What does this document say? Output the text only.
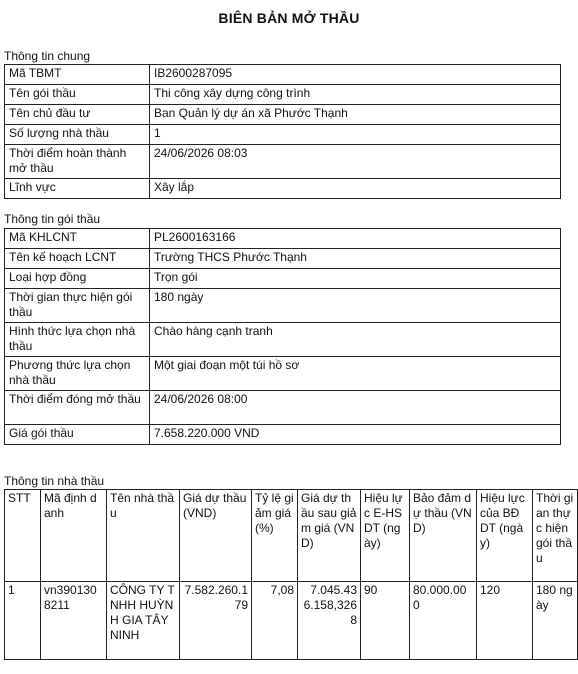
BIÊN BẢN MỞ THẦU
Thông tin chung
Mã TBMT	IB2600287095
Tên gói thầu	Thi công xây dựng công trình
Tên chủ đầu tư	Ban Quản lý dự án xã Phước Thạnh
Số lượng nhà thầu	1
Thời điểm hoàn thành mở thầu	24/06/2026 08:03
Lĩnh vực	Xây lắp
Thông tin gói thầu
Mã KHLCNT	PL2600163166
Tên kế hoạch LCNT	Trường THCS Phước Thạnh
Loại hợp đồng	Trọn gói
Thời gian thực hiện gói thầu	180 ngày
Hình thức lựa chọn nhà thầu	Chào hàng cạnh tranh
Phương thức lựa chọn nhà thầu	Một giai đoạn một túi hồ sơ
Thời điểm đóng mở thầu	24/06/2026 08:00
Giá gói thầu	7.658.220.000 VND
Thông tin nhà thầu
STT	Mã định danh	Tên nhà thầu	Giá dự thầu (VND)	Tỷ lệ giảm giá (%)	Giá dự thầu sau giảm giá (VND)	Hiệu lực E-HSDT (ngày)	Bảo đảm dự thầu (VND)	Hiệu lực của BĐ DT (ngày)	Thời gian thực hiện gói thầu
1	vn3901308211	CÔNG TY TNHH HUỲNH GIA TÂY NINH	7.582.260.179	7,08	7.045.436.158,3268	90	80.000.000	120	180 ngày
